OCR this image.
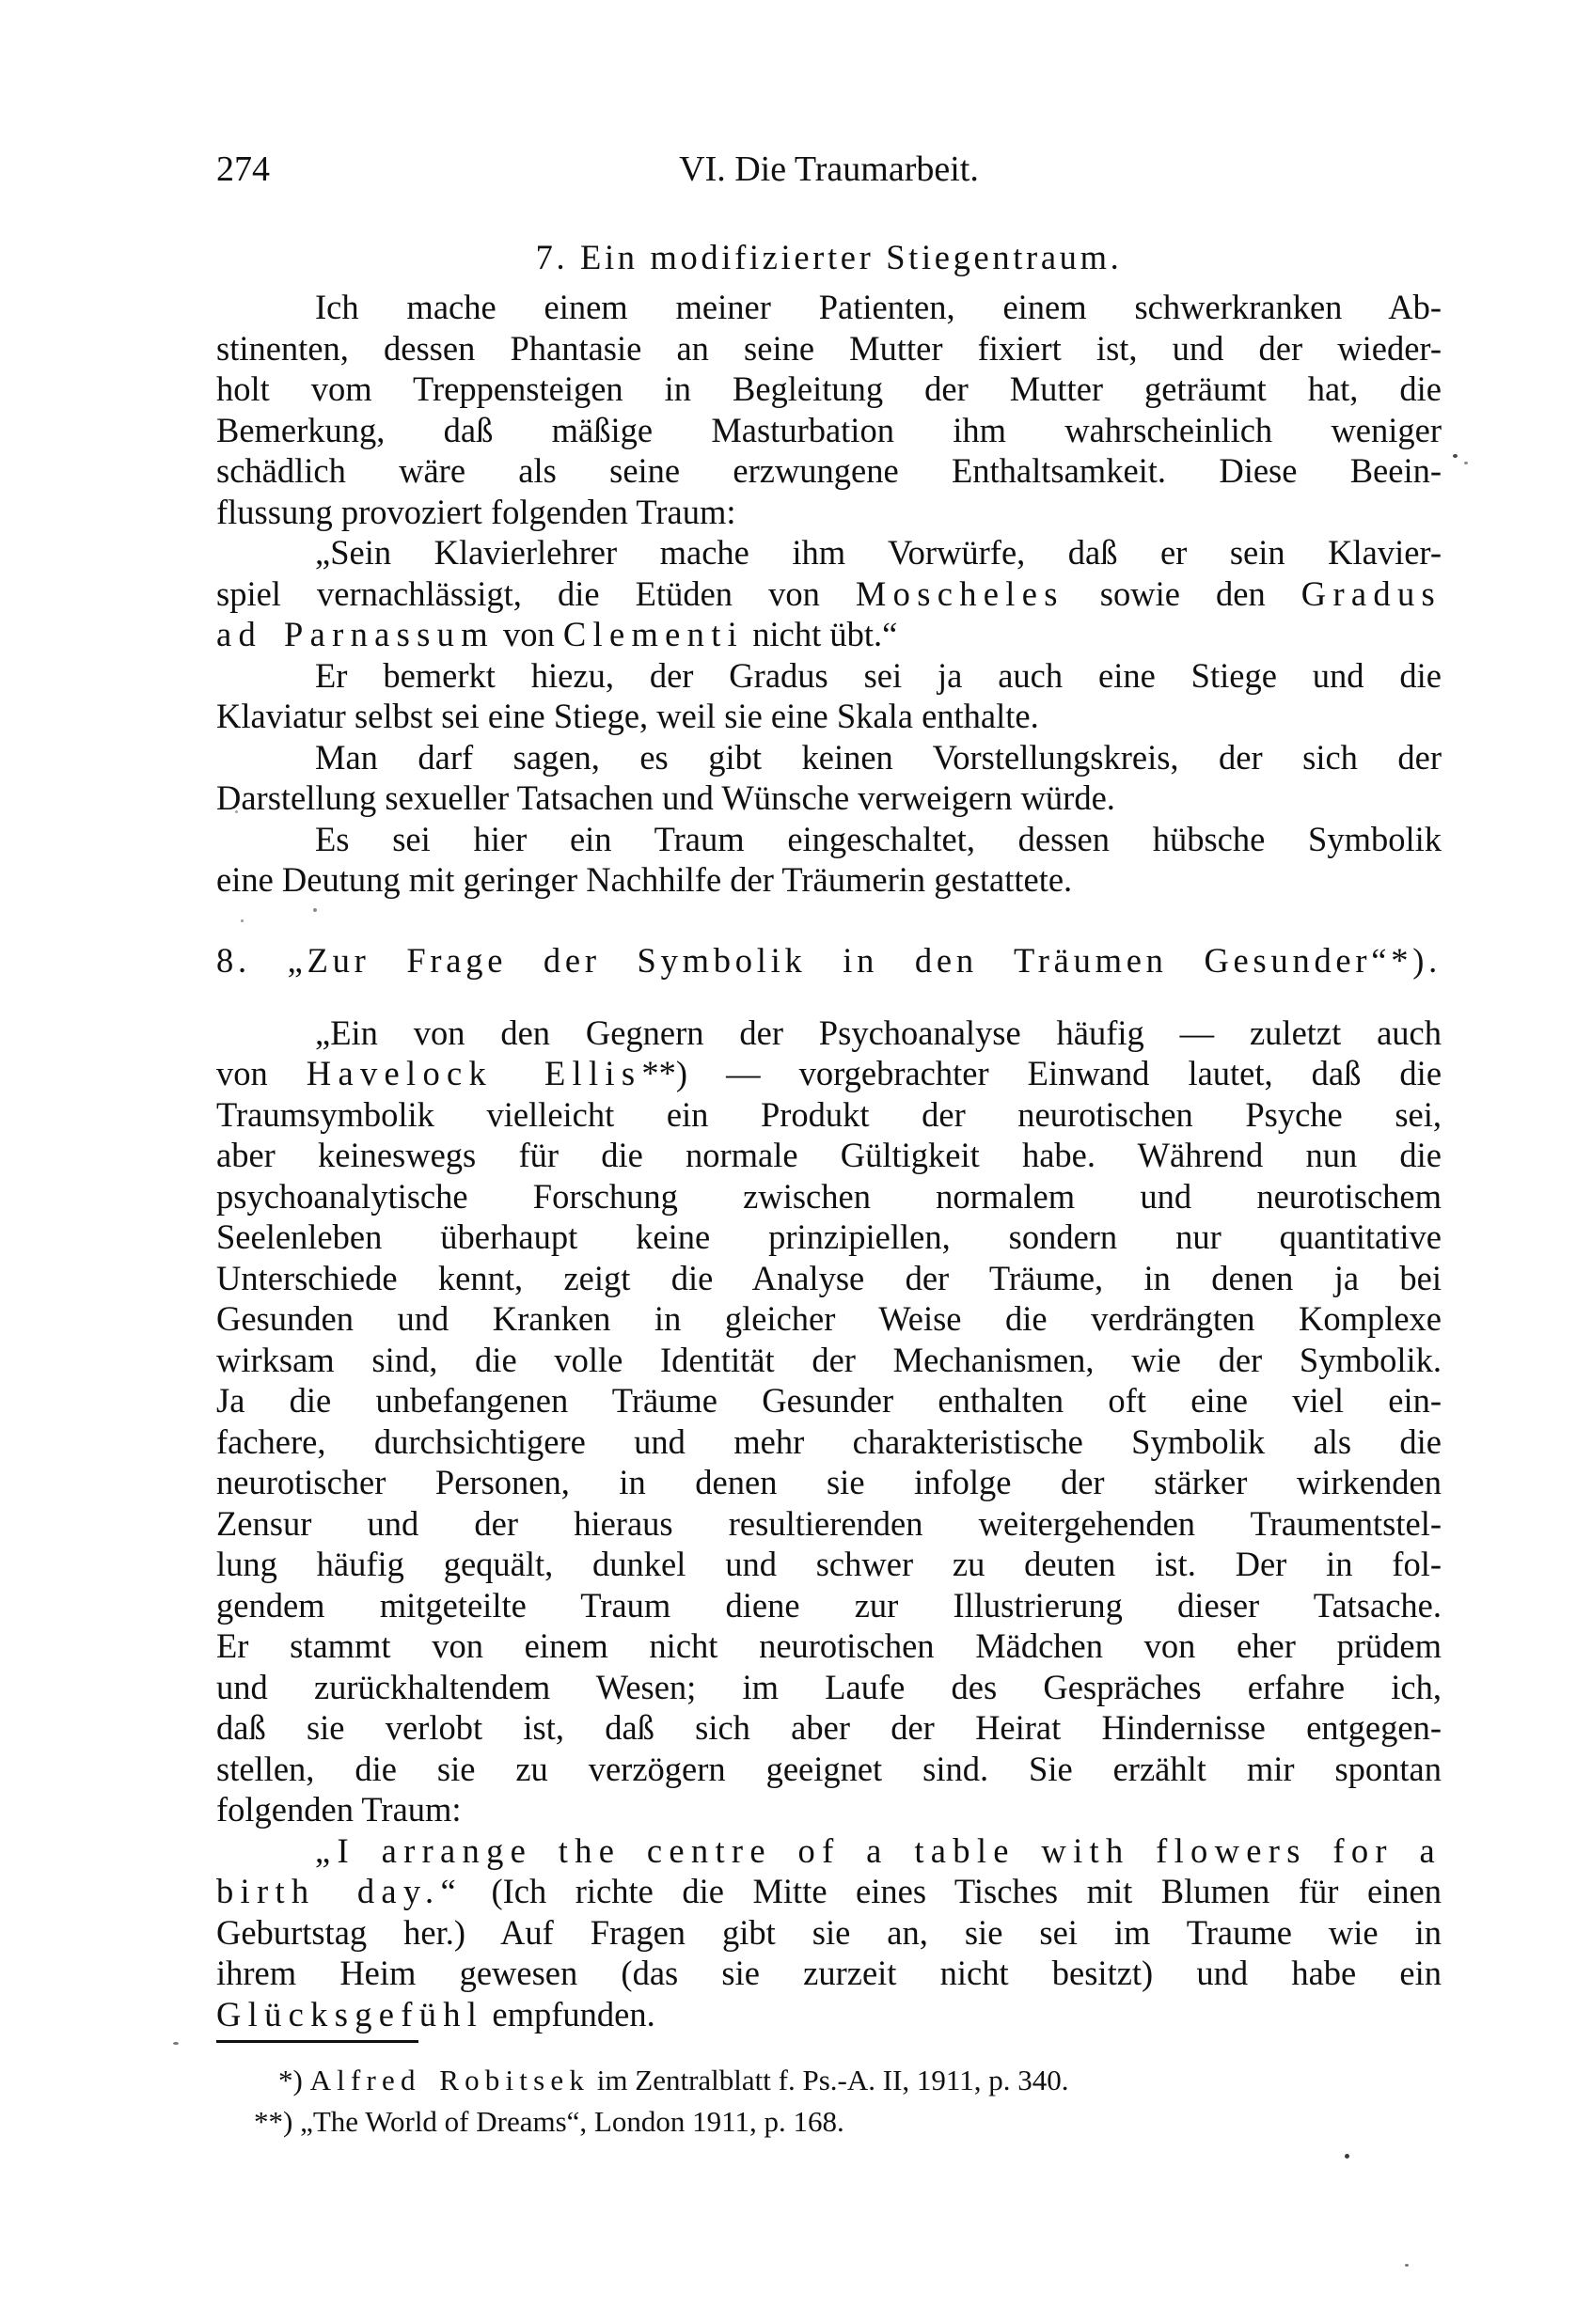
274	VI. Die Traumarbeit.
7. Ein modifizierter Stiegentraum.
Ich mache einem meiner Patienten, einem schwerkranken Ab-
stinenten, dessen Phantasie an seine Mutter fixiert ist, und der wieder-
holt vom Treppensteigen in Begleitung der Mutter geträumt hat, die
Bemerkung, daß mäßige Masturbation ihm wahrscheinlich weniger
schädlich wäre als seine erzwungene Enthaltsamkeit. Diese Beein-
flussung provoziert folgenden Traum:
„Sein Klavierlehrer mache ihm Vorwürfe, daß er sein Klavier-
spiel vernachlässigt, die Etüden von Moscheles sowie den Gradus
ad Parnassum von Clementi nicht übt.“
Er bemerkt hiezu, der Gradus sei ja auch eine Stiege und die
Klaviatur selbst sei eine Stiege, weil sie eine Skala enthalte.
Man darf sagen, es gibt keinen Vorstellungskreis, der sich der
Darstellung sexueller Tatsachen und Wünsche verweigern würde.
Es sei hier ein Traum eingeschaltet, dessen hübsche Symbolik
eine Deutung mit geringer Nachhilfe der Träumerin gestattete.
8. „Zur Frage der Symbolik in den Träumen Gesunder“*).
„Ein von den Gegnern der Psychoanalyse häufig — zuletzt auch
von Havelock Ellis**) — vorgebrachter Einwand lautet, daß die
Traumsymbolik vielleicht ein Produkt der neurotischen Psyche sei,
aber keineswegs für die normale Gültigkeit habe. Während nun die
psychoanalytische Forschung zwischen normalem und neurotischem
Seelenleben überhaupt keine prinzipiellen, sondern nur quantitative
Unterschiede kennt, zeigt die Analyse der Träume, in denen ja bei
Gesunden und Kranken in gleicher Weise die verdrängten Komplexe
wirksam sind, die volle Identität der Mechanismen, wie der Symbolik.
Ja die unbefangenen Träume Gesunder enthalten oft eine viel ein-
fachere, durchsichtigere und mehr charakteristische Symbolik als die
neurotischer Personen, in denen sie infolge der stärker wirkenden
Zensur und der hieraus resultierenden weitergehenden Traumentstel-
lung häufig gequält, dunkel und schwer zu deuten ist. Der in fol-
gendem mitgeteilte Traum diene zur Illustrierung dieser Tatsache.
Er stammt von einem nicht neurotischen Mädchen von eher prüdem
und zurückhaltendem Wesen; im Laufe des Gespräches erfahre ich,
daß sie verlobt ist, daß sich aber der Heirat Hindernisse entgegen-
stellen, die sie zu verzögern geeignet sind. Sie erzählt mir spontan
folgenden Traum:
„I arrange the centre of a table with flowers for a
birth day.“ (Ich richte die Mitte eines Tisches mit Blumen für einen
Geburtstag her.) Auf Fragen gibt sie an, sie sei im Traume wie in
ihrem Heim gewesen (das sie zurzeit nicht besitzt) und habe ein
Glücksgefühl empfunden.
*) Alfred Robitsek im Zentralblatt f. Ps.-A. II, 1911, p. 340.
**) „The World of Dreams“, London 1911, p. 168.
